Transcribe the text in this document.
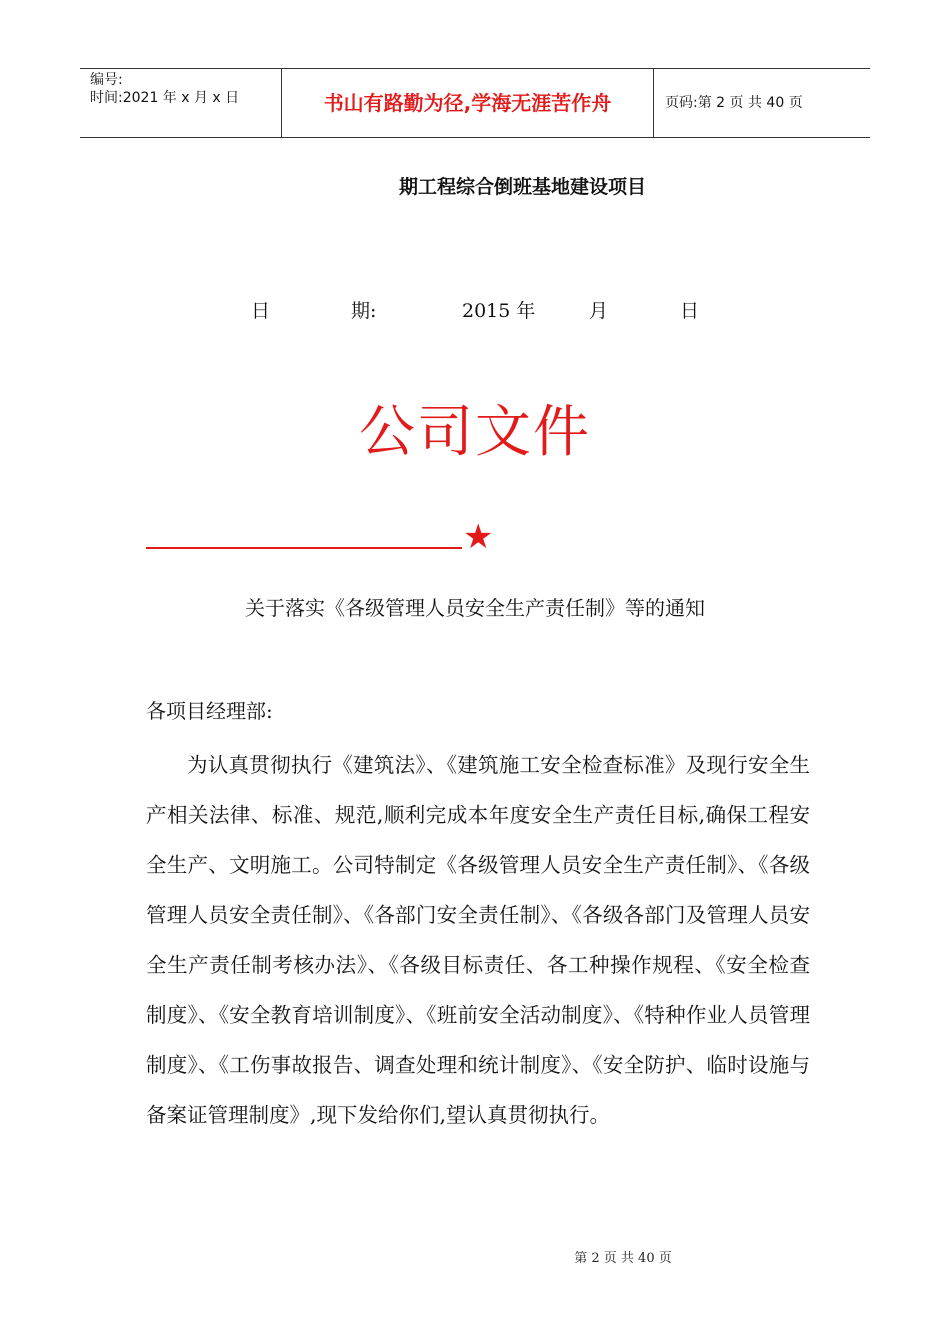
编号:
时间:2021 年 x 月 x 日	书山有路勤为径,学海无涯苦作舟	页码:第 2 页 共 40 页
期工程综合倒班基地建设项目
日	期:	2015 年	月	日
公司文件
★
关于落实《各级管理人员安全生产责任制》等的通知
各项目经理部:
为认真贯彻执行《建筑法》、《建筑施工安全检查标准》及现行安全生产相关法律、标准、规范,顺利完成本年度安全生产责任目标,确保工程安全生产、文明施工。公司特制定《各级管理人员安全生产责任制》、《各级管理人员安全责任制》、《各部门安全责任制》、《各级各部门及管理人员安全生产责任制考核办法》、《各级目标责任、各工种操作规程、《安全检查制度》、《安全教育培训制度》、《班前安全活动制度》、《特种作业人员管理制度》、《工伤事故报告、调查处理和统计制度》、《安全防护、临时设施与备案证管理制度》,现下发给你们,望认真贯彻执行。
第 2 页 共 40 页
